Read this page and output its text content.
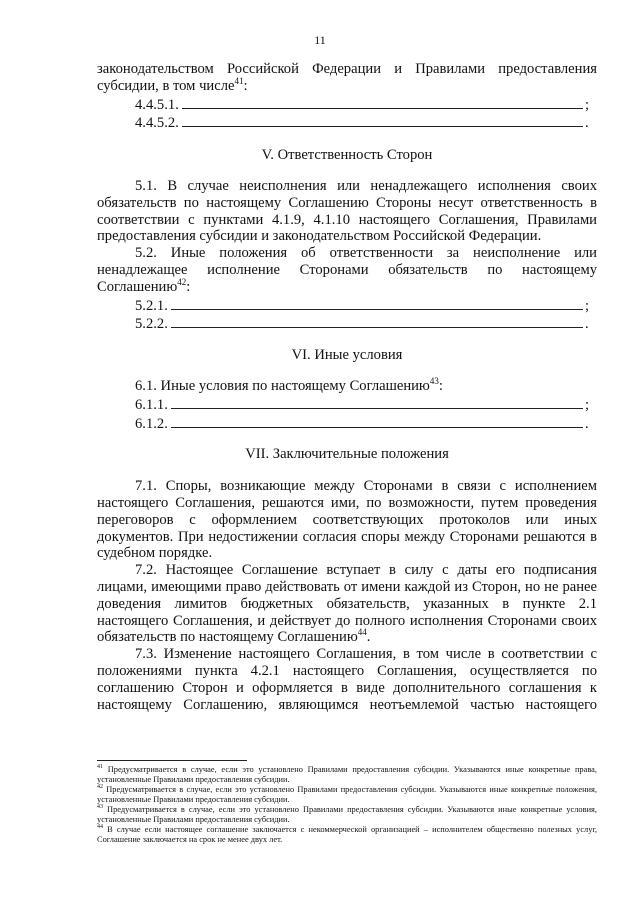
11

законодательством Российской Федерации и Правилами предоставления субсидии, в том числе$^{41}$:

4.4.5.1.	;
4.4.5.2.	.

V. Ответственность Сторон

5.1. В случае неисполнения или ненадлежащего исполнения своих обязательств по настоящему Соглашению Стороны несут ответственность в соответствии с пунктами 4.1.9, 4.1.10 настоящего Соглашения, Правилами предоставления субсидии и законодательством Российской Федерации.

5.2. Иные положения об ответственности за неисполнение или ненадлежащее исполнение Сторонами обязательств по настоящему Соглашению$^{42}$:

5.2.1.	;
5.2.2.	.

VI. Иные условия

6.1. Иные условия по настоящему Соглашению$^{43}$:

6.1.1.	;
6.1.2.	.

VII. Заключительные положения

7.1. Споры, возникающие между Сторонами в связи с исполнением настоящего Соглашения, решаются ими, по возможности, путем проведения переговоров с оформлением соответствующих протоколов или иных документов. При недостижении согласия споры между Сторонами решаются в судебном порядке.

7.2. Настоящее Соглашение вступает в силу с даты его подписания лицами, имеющими право действовать от имени каждой из Сторон, но не ранее доведения лимитов бюджетных обязательств, указанных в пункте 2.1 настоящего Соглашения, и действует до полного исполнения Сторонами своих обязательств по настоящему Соглашению$^{44}$.

7.3. Изменение настоящего Соглашения, в том числе в соответствии с положениями пункта 4.2.1 настоящего Соглашения, осуществляется по соглашению Сторон и оформляется в виде дополнительного соглашения к настоящему Соглашению, являющимся неотъемлемой частью настоящего

$^{41}$ Предусматривается в случае, если это установлено Правилами предоставления субсидии. Указываются иные конкретные права, установленные Правилами предоставления субсидии.

$^{42}$ Предусматривается в случае, если это установлено Правилами предоставления субсидии. Указываются иные конкретные положения, установленные Правилами предоставления субсидии.

$^{43}$ Предусматривается в случае, если это установлено Правилами предоставления субсидии. Указываются иные конкретные условия, установленные Правилами предоставления субсидии.

$^{44}$ В случае если настоящее соглашение заключается с некоммерческой организацией – исполнителем общественно полезных услуг, Соглашение заключается на срок не менее двух лет.
